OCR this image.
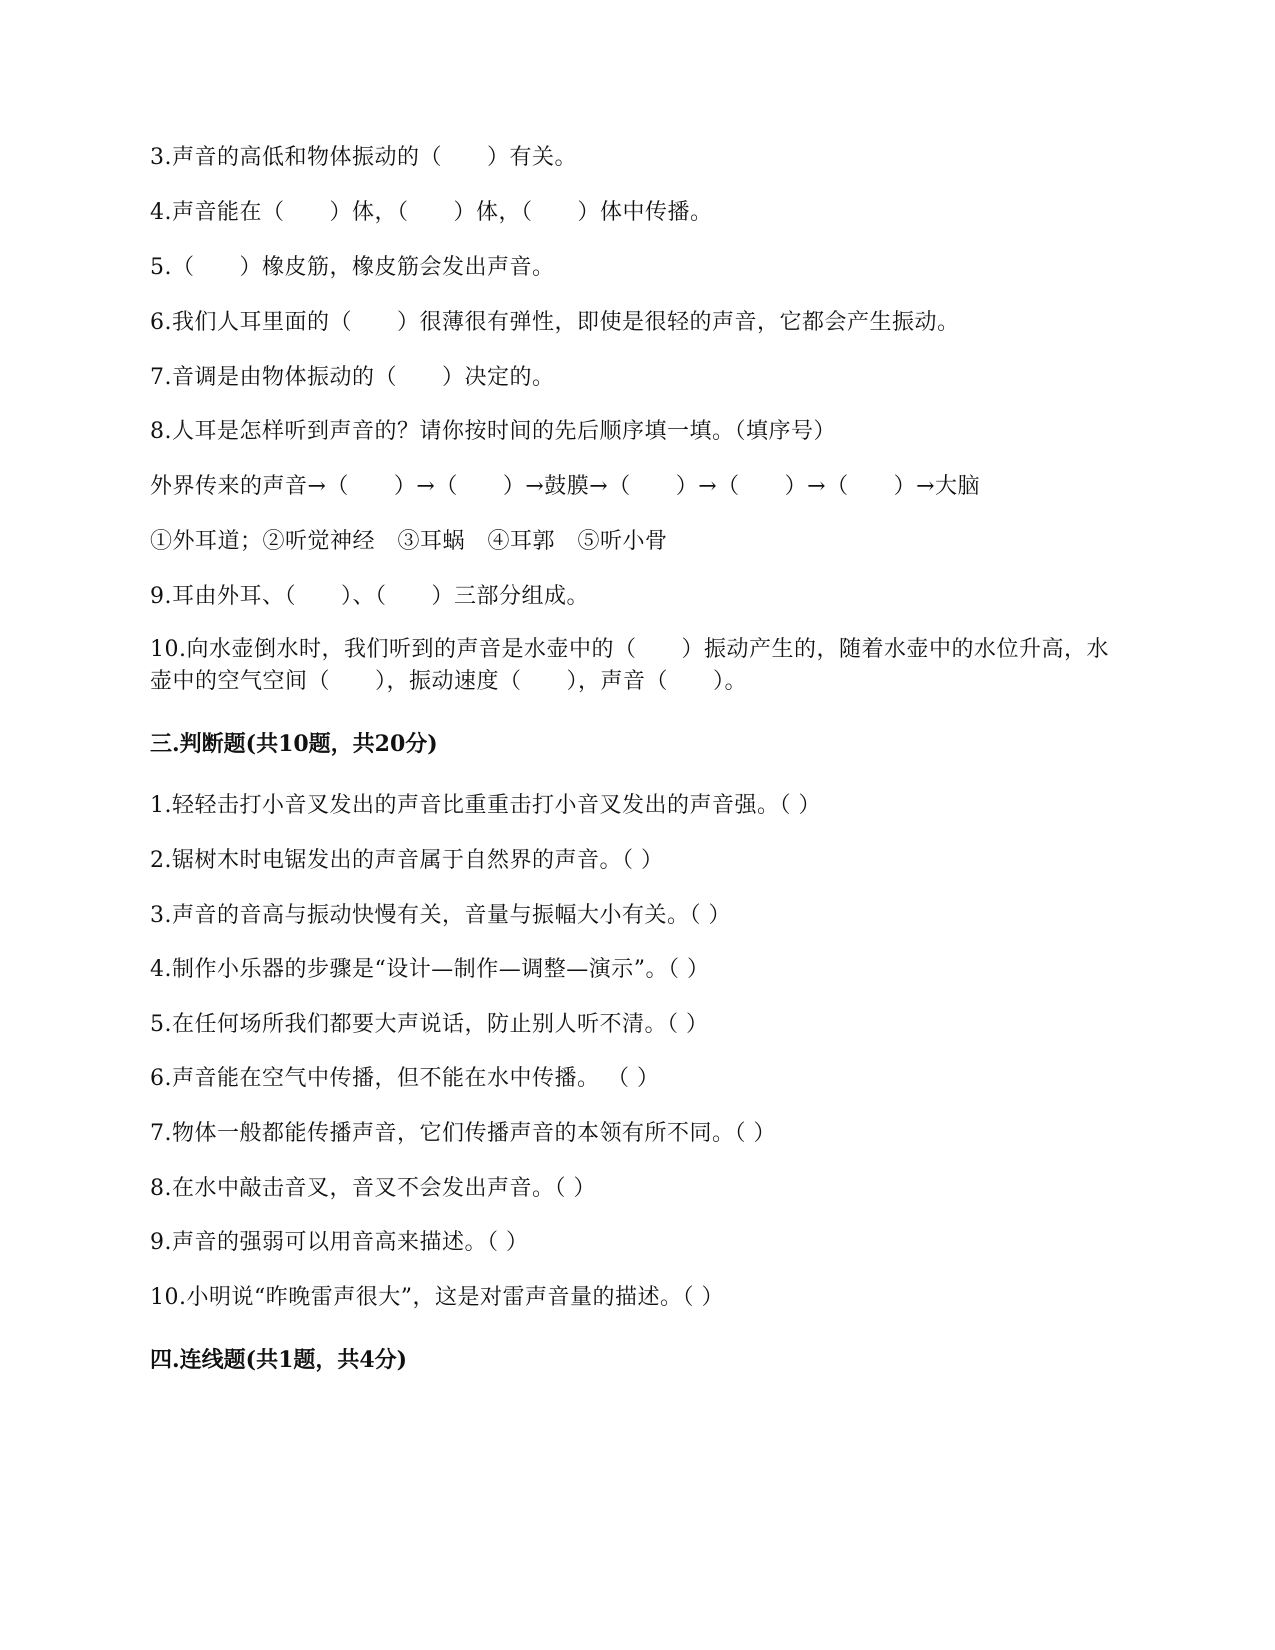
3.声音的高低和物体振动的（　　）有关。
4.声音能在（　　）体，（　　）体，（　　）体中传播。
5.（　　）橡皮筋，橡皮筋会发出声音。
6.我们人耳里面的（　　）很薄很有弹性，即使是很轻的声音，它都会产生振动。
7.音调是由物体振动的（　　）决定的。
8.人耳是怎样听到声音的？请你按时间的先后顺序填一填。（填序号）
外界传来的声音→（　　）→（　　）→鼓膜→（　　）→（　　）→（　　）→大脑
①外耳道；②听觉神经　③耳蜗　④耳郭　⑤听小骨
9.耳由外耳、（　　）、（　　）三部分组成。
10.向水壶倒水时，我们听到的声音是水壶中的（　　）振动产生的，随着水壶中的水位升高，水壶中的空气空间（　　），振动速度（　　），声音（　　）。
三.判断题(共10题，共20分)
1.轻轻击打小音叉发出的声音比重重击打小音叉发出的声音强。（ ）
2.锯树木时电锯发出的声音属于自然界的声音。（ ）
3.声音的音高与振动快慢有关，音量与振幅大小有关。（ ）
4.制作小乐器的步骤是“设计—制作—调整—演示”。（ ）
5.在任何场所我们都要大声说话，防止别人听不清。（ ）
6.声音能在空气中传播，但不能在水中传播。 （ ）
7.物体一般都能传播声音，它们传播声音的本领有所不同。（ ）
8.在水中敲击音叉，音叉不会发出声音。（ ）
9.声音的强弱可以用音高来描述。（ ）
10.小明说“昨晚雷声很大”，这是对雷声音量的描述。（ ）
四.连线题(共1题，共4分)
